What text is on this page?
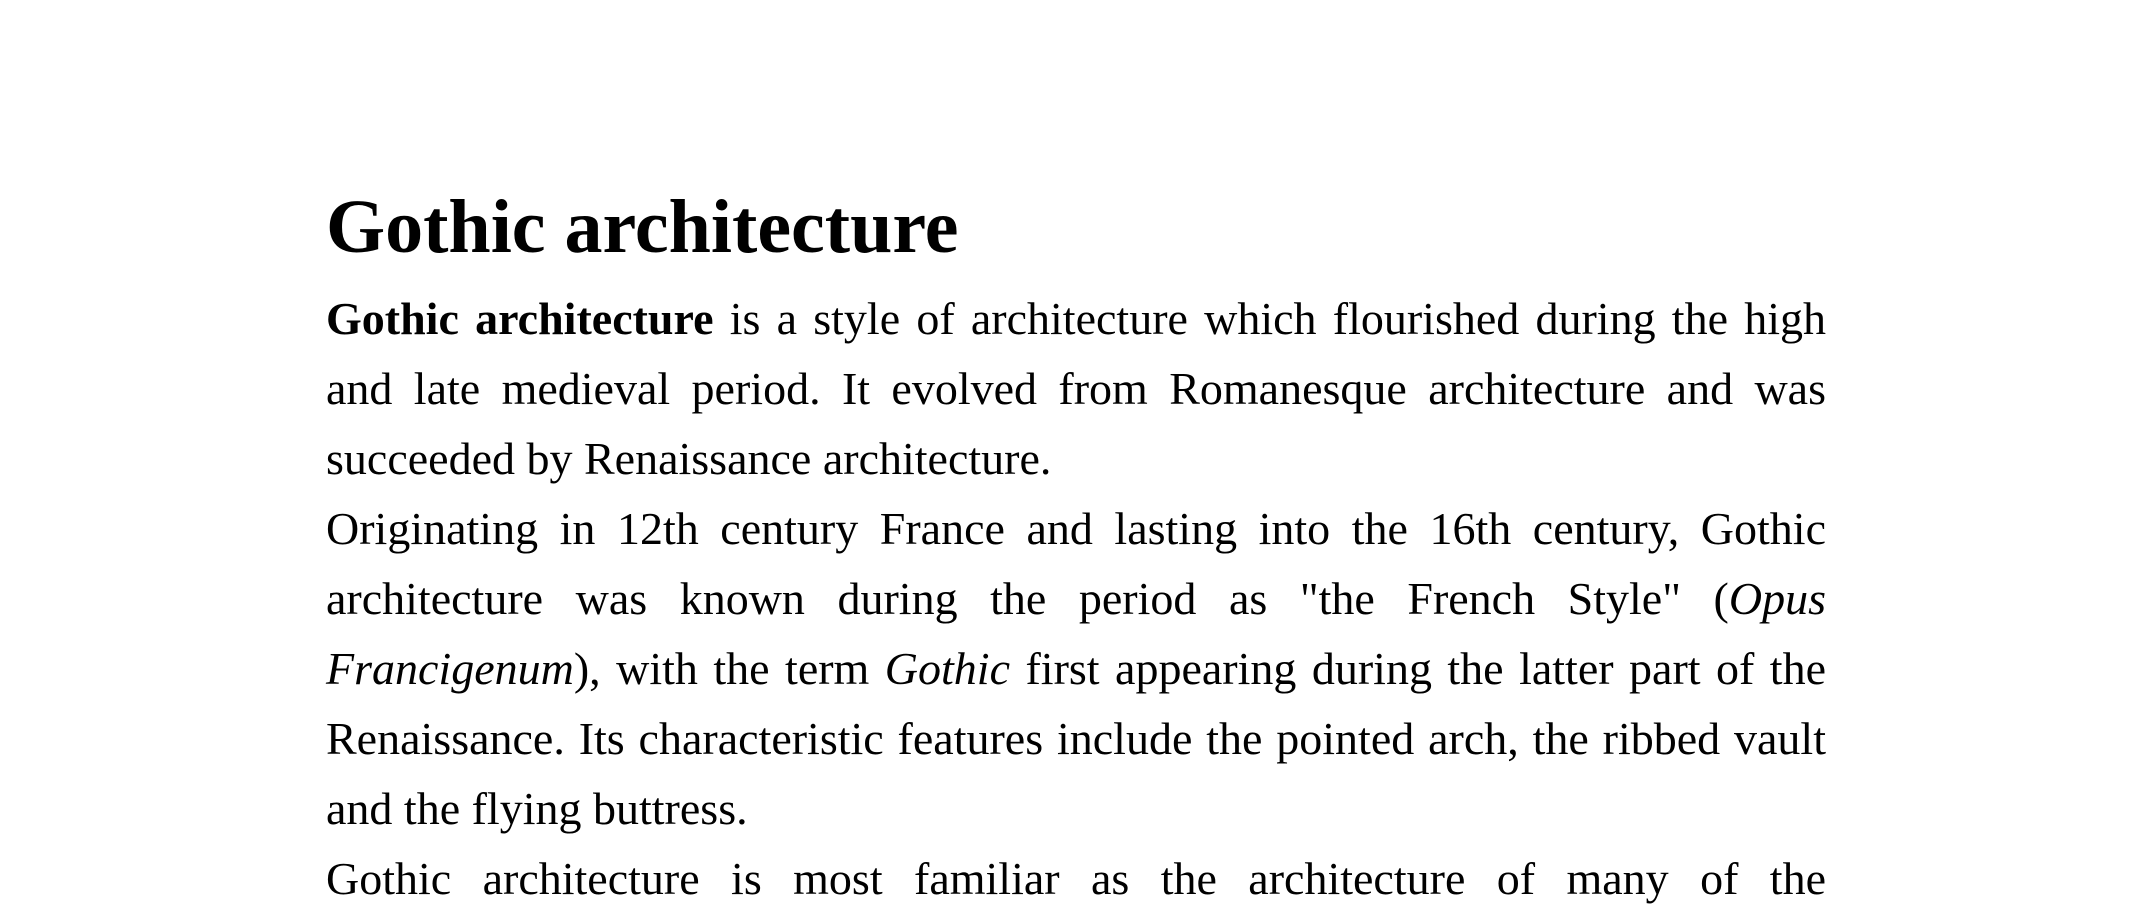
Gothic architecture

Gothic architecture is a style of architecture which flourished during the high and late medieval period. It evolved from Romanesque architecture and was succeeded by Renaissance architecture.

Originating in 12th century France and lasting into the 16th century, Gothic architecture was known during the period as "the French Style" (Opus Francigenum), with the term Gothic first appearing during the latter part of the Renaissance. Its characteristic features include the pointed arch, the ribbed vault and the flying buttress.

Gothic architecture is most familiar as the architecture of many of the
